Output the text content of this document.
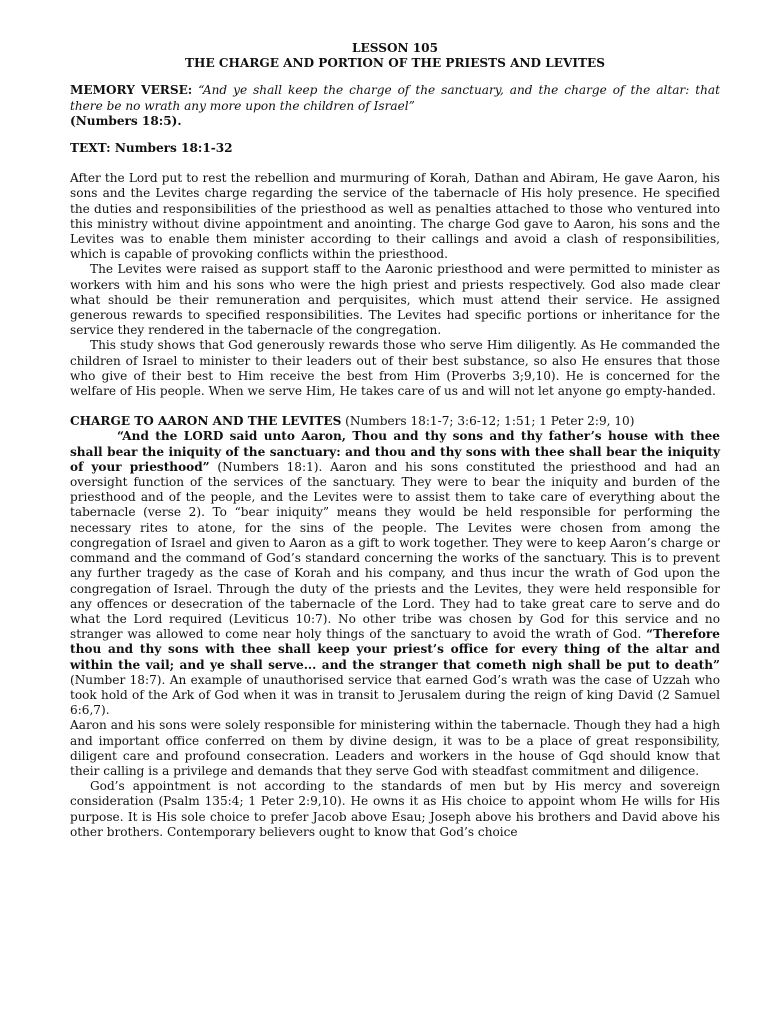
LESSON 105
THE CHARGE AND PORTION OF THE PRIESTS AND LEVITES

MEMORY VERSE: “And ye shall keep the charge of the sanctuary, and the charge of the altar: that there be no wrath any more upon the children of Israel”

(Numbers 18:5).
TEXT: Numbers 18:1-32

After the Lord put to rest the rebellion and murmuring of Korah, Dathan and Abiram, He gave Aaron, his sons and the Levites charge regarding the service of the tabernacle of His holy presence. He specified the duties and responsibilities of the priesthood as well as penalties attached to those who ventured into this ministry without divine appointment and anointing. The charge God gave to Aaron, his sons and the Levites was to enable them minister according to their callings and avoid a clash of responsibilities, which is capable of provoking conflicts within the priesthood.

The Levites were raised as support staff to the Aaronic priesthood and were permitted to minister as workers with him and his sons who were the high priest and priests respectively. God also made clear what should be their remuneration and perquisites, which must attend their service. He assigned generous rewards to specified responsibilities. The Levites had specific portions or inheritance for the service they rendered in the tabernacle of the congregation.

This study shows that God generously rewards those who serve Him diligently. As He commanded the children of Israel to minister to their leaders out of their best substance, so also He ensures that those who give of their best to Him receive the best from Him (Proverbs 3;9,10). He is concerned for the welfare of His people. When we serve Him, He takes care of us and will not let anyone go empty-handed.

CHARGE TO AARON AND THE LEVITES (Numbers 18:1-7; 3:6-12; 1:51; 1 Peter 2:9, 10)

“And the LORD said unto Aaron, Thou and thy sons and thy father’s house with thee shall bear the iniquity of the sanctuary: and thou and thy sons with thee shall bear the iniquity of your priesthood” (Numbers 18:1). Aaron and his sons constituted the priesthood and had an oversight function of the services of the sanctuary. They were to bear the iniquity and burden of the priesthood and of the people, and the Levites were to assist them to take care of everything about the tabernacle (verse 2). To “bear iniquity” means they would be held responsible for performing the necessary rites to atone, for the sins of the people. The Levites were chosen from among the congregation of Israel and given to Aaron as a gift to work together. They were to keep Aaron’s charge or command and the command of God’s standard concerning the works of the sanctuary. This is to prevent any further tragedy as the case of Korah and his company, and thus incur the wrath of God upon the congregation of Israel. Through the duty of the priests and the Levites, they were held responsible for any offences or desecration of the tabernacle of the Lord. They had to take great care to serve and do what the Lord required (Leviticus 10:7). No other tribe was chosen by God for this service and no stranger was allowed to come near holy things of the sanctuary to avoid the wrath of God. “Therefore thou and thy sons with thee shall keep your priest’s office for every thing of the altar and within the vail; and ye shall serve... and the stranger that cometh nigh shall be put to death” (Number 18:7). An example of unauthorised service that earned God’s wrath was the case of Uzzah who took hold of the Ark of God when it was in transit to Jerusalem during the reign of king David (2 Samuel 6:6,7).

Aaron and his sons were solely responsible for ministering within the tabernacle. Though they had a high and important office conferred on them by divine design, it was to be a place of great responsibility, diligent care and profound consecration. Leaders and workers in the house of Gqd should know that their calling is a privilege and demands that they serve God with steadfast commitment and diligence.

God’s appointment is not according to the standards of men but by His mercy and sovereign consideration (Psalm 135:4; 1 Peter 2:9,10). He owns it as His choice to appoint whom He wills for His purpose. It is His sole choice to prefer Jacob above Esau; Joseph above his brothers and David above his other brothers. Contemporary believers ought to know that God’s choice
